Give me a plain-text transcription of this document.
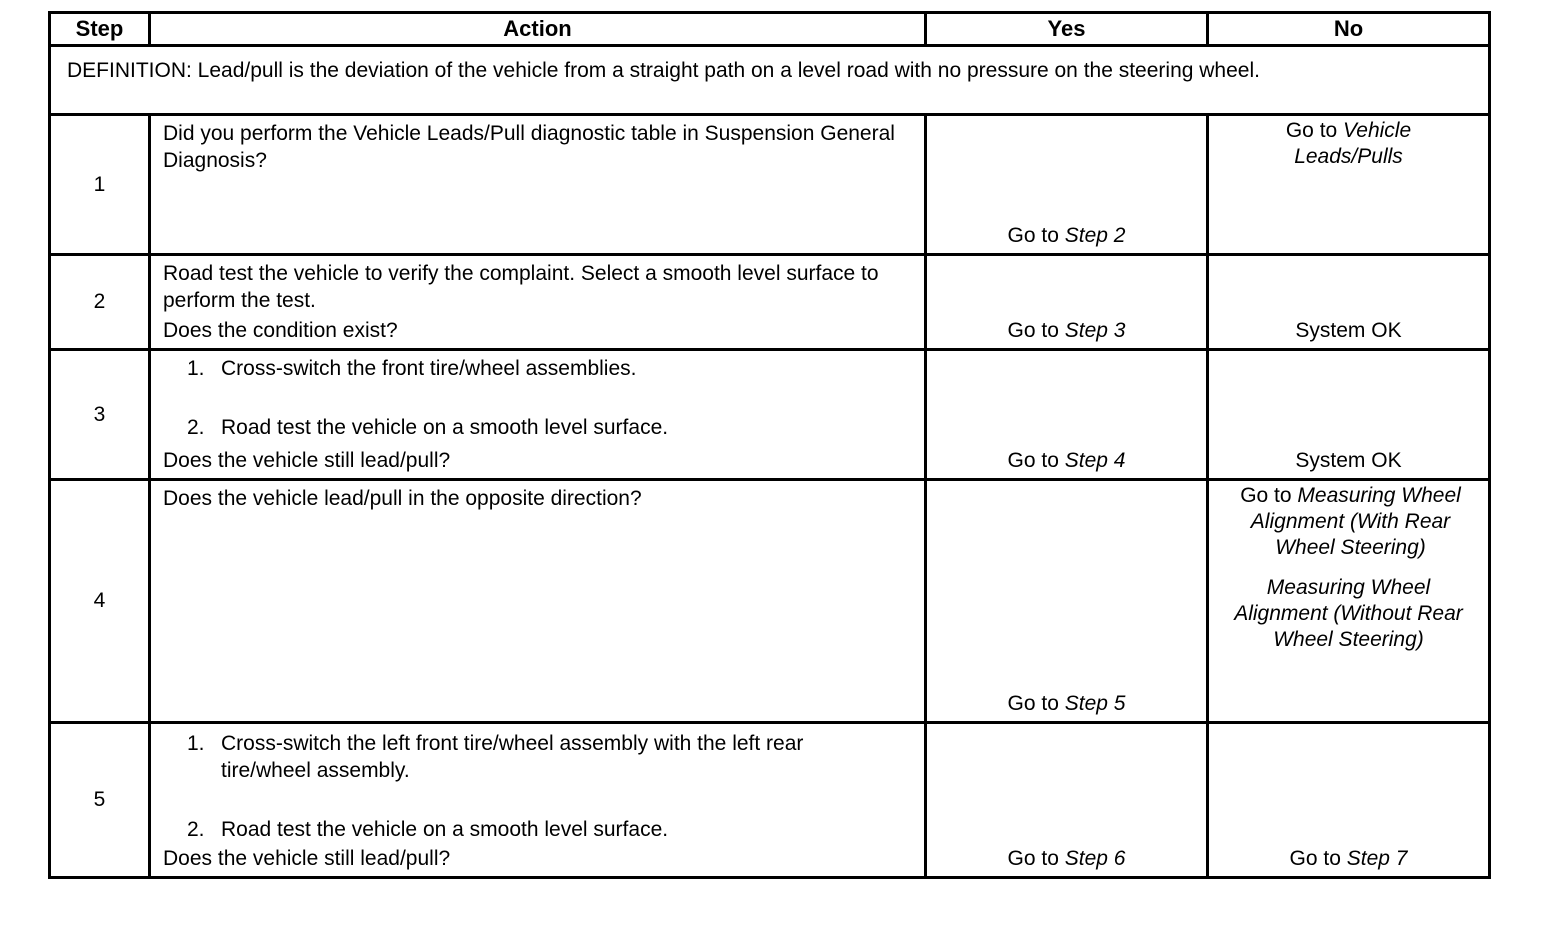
Step	Action	Yes	No
DEFINITION: Lead/pull is the deviation of the vehicle from a straight path on a level road with no pressure on the steering wheel.			
1	Did you perform the Vehicle Leads/Pull diagnostic table in Suspension General Diagnosis?	Go to Step 2	Go to Vehicle Leads/Pulls

2	Road test the vehicle to verify the complaint. Select a smooth level surface to perform the test.
Does the condition exist?	Go to Step 3	System OK

3	1. Cross-switch the front tire/wheel assemblies.
2. Road test the vehicle on a smooth level surface.
Does the vehicle still lead/pull?	Go to Step 4	System OK

4	Does the vehicle lead/pull in the opposite direction?	Go to Step 5	Go to Measuring Wheel Alignment (With Rear Wheel Steering)
Measuring Wheel Alignment (Without Rear Wheel Steering)

5	1. Cross-switch the left front tire/wheel assembly with the left rear tire/wheel assembly.
2. Road test the vehicle on a smooth level surface.
Does the vehicle still lead/pull?	Go to Step 6	Go to Step 7
